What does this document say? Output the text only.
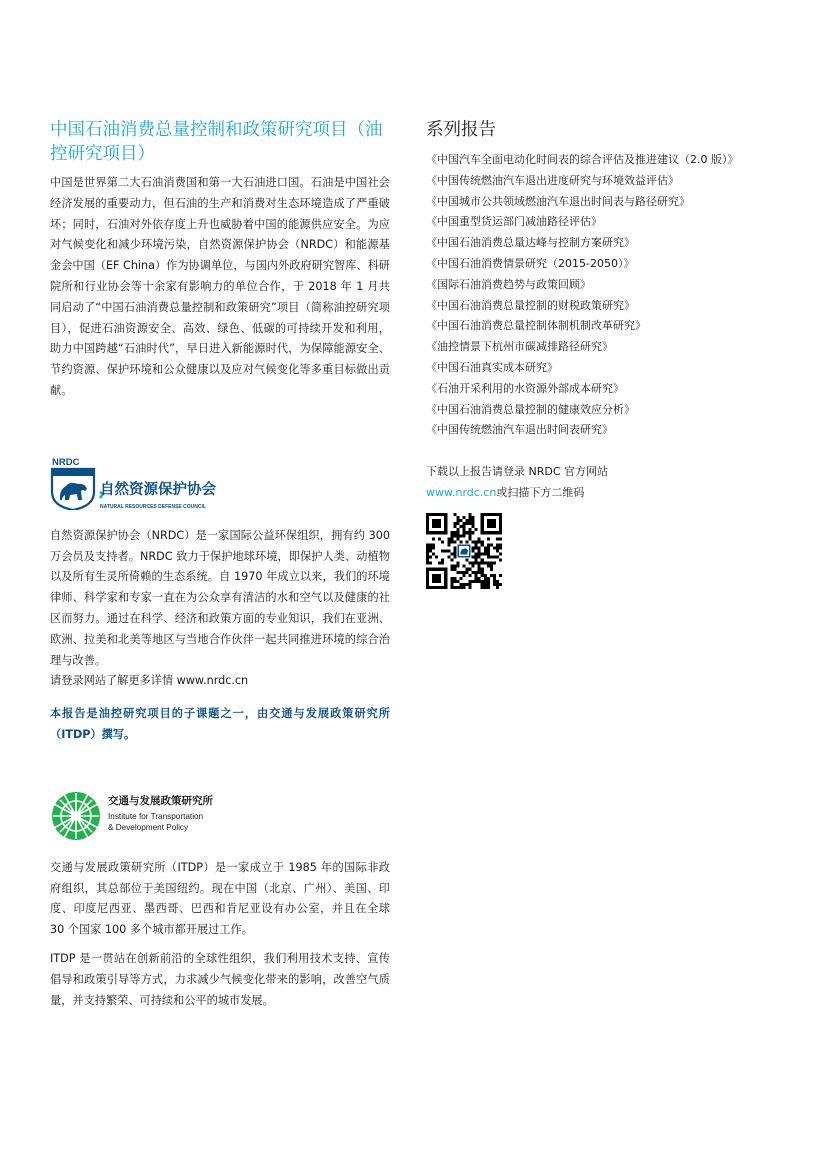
中国石油消费总量控制和政策研究项目（油控研究项目）

中国是世界第二大石油消费国和第一大石油进口国。石油是中国社会经济发展的重要动力，但石油的生产和消费对生态环境造成了严重破坏；同时，石油对外依存度上升也威胁着中国的能源供应安全。为应对气候变化和减少环境污染，自然资源保护协会（NRDC）和能源基金会中国（EF China）作为协调单位，与国内外政府研究智库、科研院所和行业协会等十余家有影响力的单位合作，于 2018 年 1 月共同启动了“中国石油消费总量控制和政策研究”项目（简称油控研究项目），促进石油资源安全、高效、绿色、低碳的可持续开发和利用，助力中国跨越“石油时代”，早日进入新能源时代，为保障能源安全、节约资源、保护环境和公众健康以及应对气候变化等多重目标做出贡献。

NRDC
自然资源保护协会
NATURAL RESOURCES DEFENSE COUNCIL

自然资源保护协会（NRDC）是一家国际公益环保组织，拥有约 300 万会员及支持者。NRDC 致力于保护地球环境，即保护人类、动植物以及所有生灵所倚赖的生态系统。自 1970 年成立以来，我们的环境律师、科学家和专家一直在为公众享有清洁的水和空气以及健康的社区而努力。通过在科学、经济和政策方面的专业知识，我们在亚洲、欧洲、拉美和北美等地区与当地合作伙伴一起共同推进环境的综合治理与改善。

请登录网站了解更多详情 www.nrdc.cn

本报告是油控研究项目的子课题之一，由交通与发展政策研究所（ITDP）撰写。

交通与发展政策研究所
Institute for Transportation
& Development Policy

交通与发展政策研究所（ITDP）是一家成立于 1985 年的国际非政府组织，其总部位于美国纽约。现在中国（北京、广州）、美国、印度、印度尼西亚、墨西哥、巴西和肯尼亚设有办公室，并且在全球 30 个国家 100 多个城市都开展过工作。

ITDP 是一贯站在创新前沿的全球性组织，我们利用技术支持、宣传倡导和政策引导等方式，力求减少气候变化带来的影响，改善空气质量，并支持繁荣、可持续和公平的城市发展。

系列报告
《中国汽车全面电动化时间表的综合评估及推进建议（2.0 版）》
《中国传统燃油汽车退出进度研究与环境效益评估》
《中国城市公共领域燃油汽车退出时间表与路径研究》
《中国重型货运部门减油路径评估》
《中国石油消费总量达峰与控制方案研究》
《中国石油消费情景研究（2015-2050）》
《国际石油消费趋势与政策回顾》
《中国石油消费总量控制的财税政策研究》
《中国石油消费总量控制体制机制改革研究》
《油控情景下杭州市碳减排路径研究》
《中国石油真实成本研究》
《石油开采利用的水资源外部成本研究》
《中国石油消费总量控制的健康效应分析》
《中国传统燃油汽车退出时间表研究》
下载以上报告请登录 NRDC 官方网站
www.nrdc.cn或扫描下方二维码
